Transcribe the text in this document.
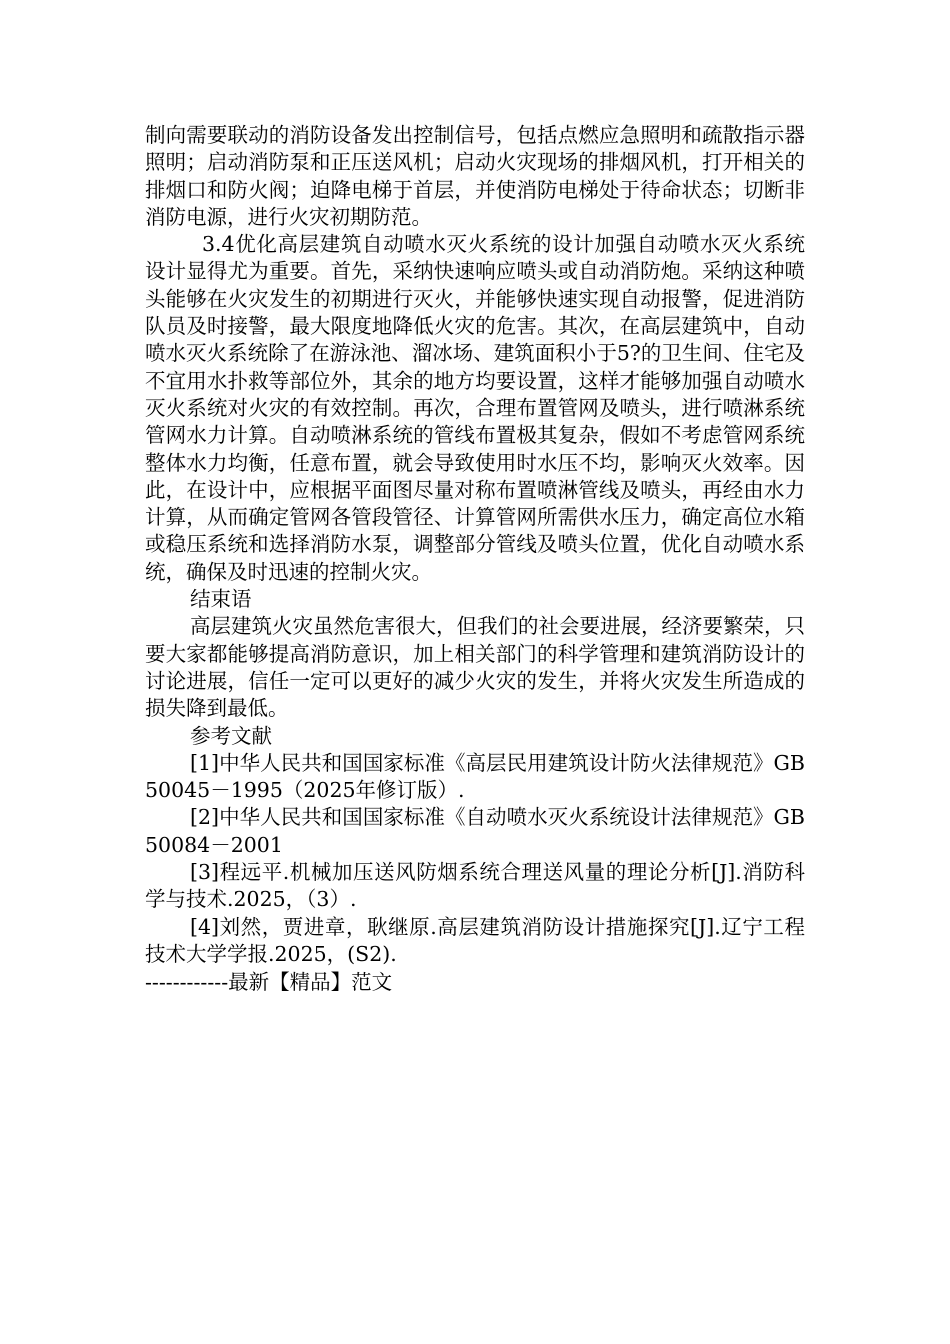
制向需要联动的消防设备发出控制信号，包括点燃应急照明和疏散指示器照明；启动消防泵和正压送风机；启动火灾现场的排烟风机，打开相关的排烟口和防火阀；迫降电梯于首层，并使消防电梯处于待命状态；切断非消防电源，进行火灾初期防范。

3.4优化高层建筑自动喷水灭火系统的设计加强自动喷水灭火系统设计显得尤为重要。首先，采纳快速响应喷头或自动消防炮。采纳这种喷头能够在火灾发生的初期进行灭火，并能够快速实现自动报警，促进消防队员及时接警，最大限度地降低火灾的危害。其次，在高层建筑中，自动喷水灭火系统除了在游泳池、溜冰场、建筑面积小于5?的卫生间、住宅及不宜用水扑救等部位外，其余的地方均要设置，这样才能够加强自动喷水灭火系统对火灾的有效控制。再次，合理布置管网及喷头，进行喷淋系统管网水力计算。自动喷淋系统的管线布置极其复杂，假如不考虑管网系统整体水力均衡，任意布置，就会导致使用时水压不均，影响灭火效率。因此，在设计中，应根据平面图尽量对称布置喷淋管线及喷头，再经由水力计算，从而确定管网各管段管径、计算管网所需供水压力，确定高位水箱或稳压系统和选择消防水泵，调整部分管线及喷头位置，优化自动喷水系统，确保及时迅速的控制火灾。

结束语

高层建筑火灾虽然危害很大，但我们的社会要进展，经济要繁荣，只要大家都能够提高消防意识，加上相关部门的科学管理和建筑消防设计的讨论进展，信任一定可以更好的减少火灾的发生，并将火灾发生所造成的损失降到最低。

参考文献

[1]中华人民共和国国家标准《高层民用建筑设计防火法律规范》GB 50045－1995（2025年修订版）.

[2]中华人民共和国国家标准《自动喷水灭火系统设计法律规范》GB 50084－2001

[3]程远平.机械加压送风防烟系统合理送风量的理论分析[J].消防科学与技术.2025，（3）.

[4]刘然，贾进章，耿继原.高层建筑消防设计措施探究[J].辽宁工程技术大学学报.2025，(S2).

------------最新【精品】范文
